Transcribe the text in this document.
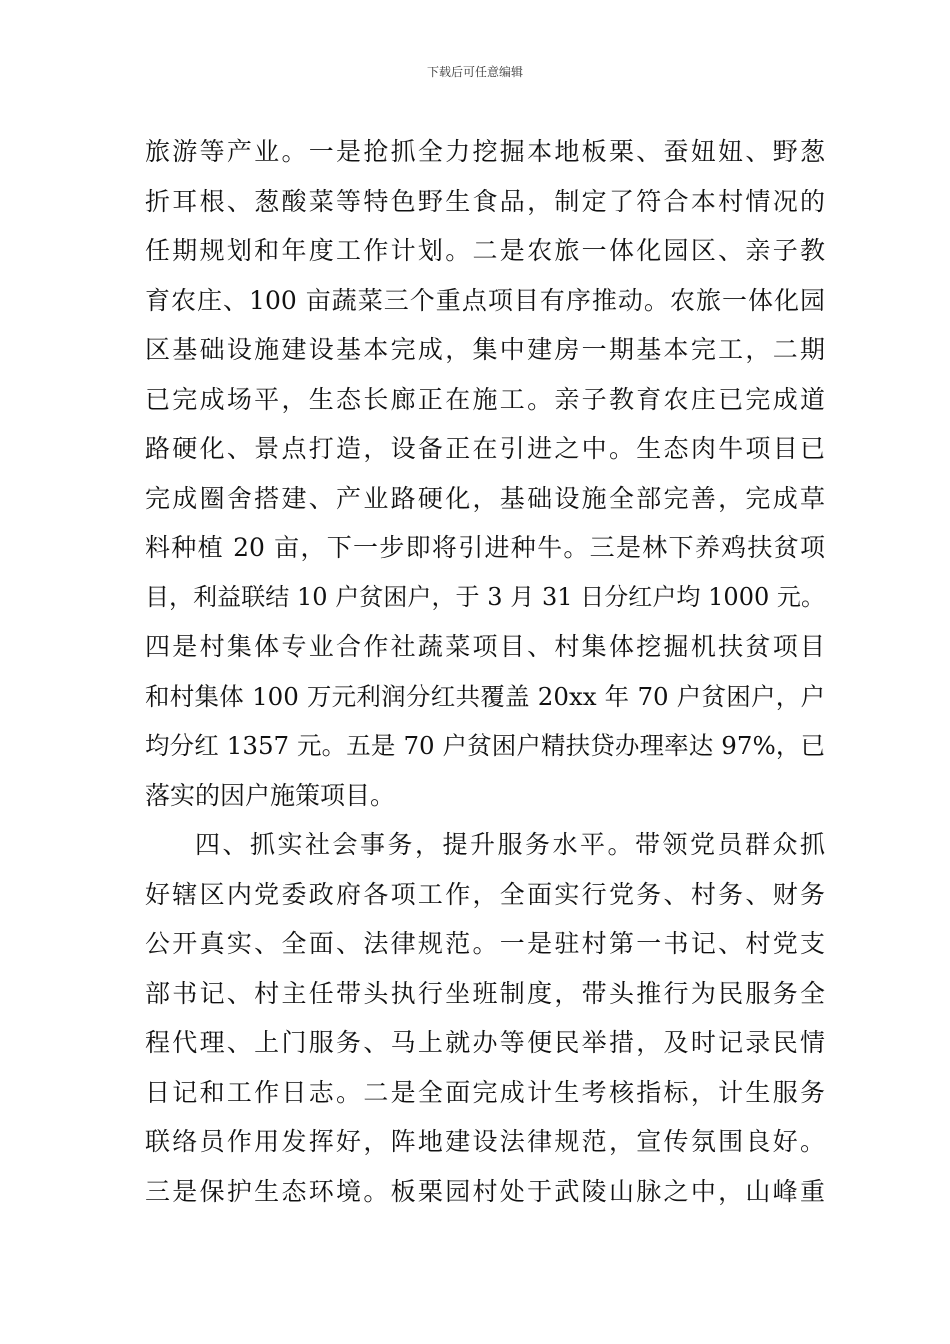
下载后可任意编辑
旅游等产业。一是抢抓全力挖掘本地板栗、蚕妞妞、野葱
折耳根、葱酸菜等特色野生食品，制定了符合本村情况的
任期规划和年度工作计划。二是农旅一体化园区、亲子教
育农庄、100 亩蔬菜三个重点项目有序推动。农旅一体化园
区基础设施建设基本完成，集中建房一期基本完工，二期
已完成场平，生态长廊正在施工。亲子教育农庄已完成道
路硬化、景点打造，设备正在引进之中。生态肉牛项目已
完成圈舍搭建、产业路硬化，基础设施全部完善，完成草
料种植 20 亩，下一步即将引进种牛。三是林下养鸡扶贫项
目，利益联结 10 户贫困户，于 3 月 31 日分红户均 1000 元。
四是村集体专业合作社蔬菜项目、村集体挖掘机扶贫项目
和村集体 100 万元利润分红共覆盖 20xx 年 70 户贫困户，户
均分红 1357 元。五是 70 户贫困户精扶贷办理率达 97%，已
落实的因户施策项目。
四、抓实社会事务，提升服务水平。带领党员群众抓
好辖区内党委政府各项工作，全面实行党务、村务、财务
公开真实、全面、法律规范。一是驻村第一书记、村党支
部书记、村主任带头执行坐班制度，带头推行为民服务全
程代理、上门服务、马上就办等便民举措，及时记录民情
日记和工作日志。二是全面完成计生考核指标，计生服务
联络员作用发挥好，阵地建设法律规范，宣传氛围良好。
三是保护生态环境。板栗园村处于武陵山脉之中，山峰重
